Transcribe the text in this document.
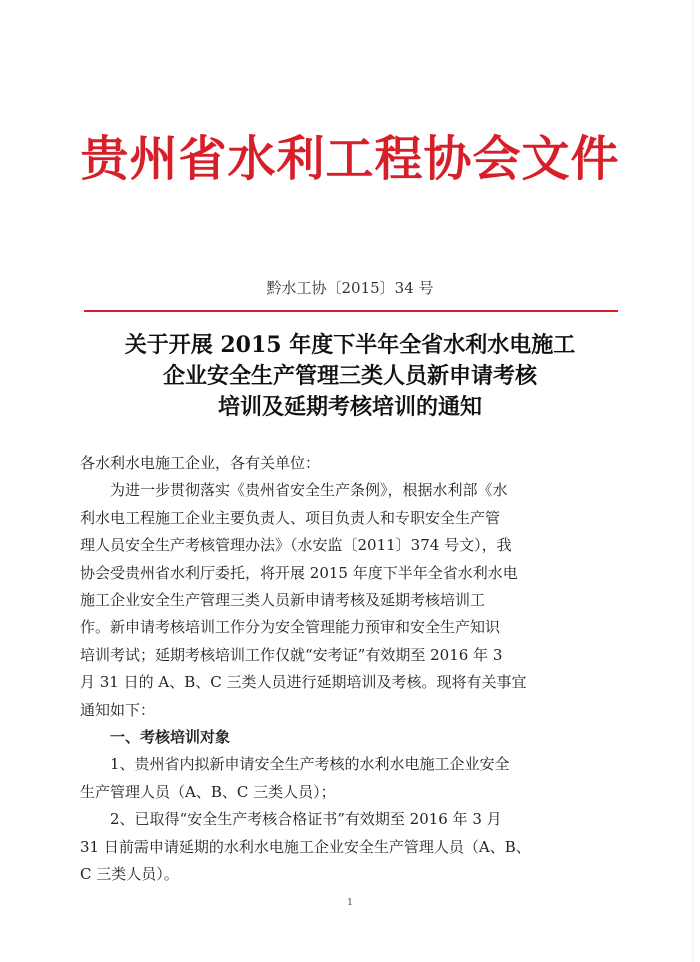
贵州省水利工程协会文件
黔水工协〔2015〕34 号
关于开展 2015 年度下半年全省水利水电施工
企业安全生产管理三类人员新申请考核
培训及延期考核培训的通知
各水利水电施工企业，各有关单位：
为进一步贯彻落实《贵州省安全生产条例》，根据水利部《水
利水电工程施工企业主要负责人、项目负责人和专职安全生产管
理人员安全生产考核管理办法》（水安监〔2011〕374 号文），我
协会受贵州省水利厅委托，将开展 2015 年度下半年全省水利水电
施工企业安全生产管理三类人员新申请考核及延期考核培训工
作。新申请考核培训工作分为安全管理能力预审和安全生产知识
培训考试；延期考核培训工作仅就“安考证”有效期至 2016 年 3
月 31 日的 A、B、C 三类人员进行延期培训及考核。现将有关事宜
通知如下：
一、考核培训对象
1、贵州省内拟新申请安全生产考核的水利水电施工企业安全
生产管理人员（A、B、C 三类人员）；
2、已取得“安全生产考核合格证书”有效期至 2016 年 3 月
31 日前需申请延期的水利水电施工企业安全生产管理人员（A、B、
C 三类人员）。
1
